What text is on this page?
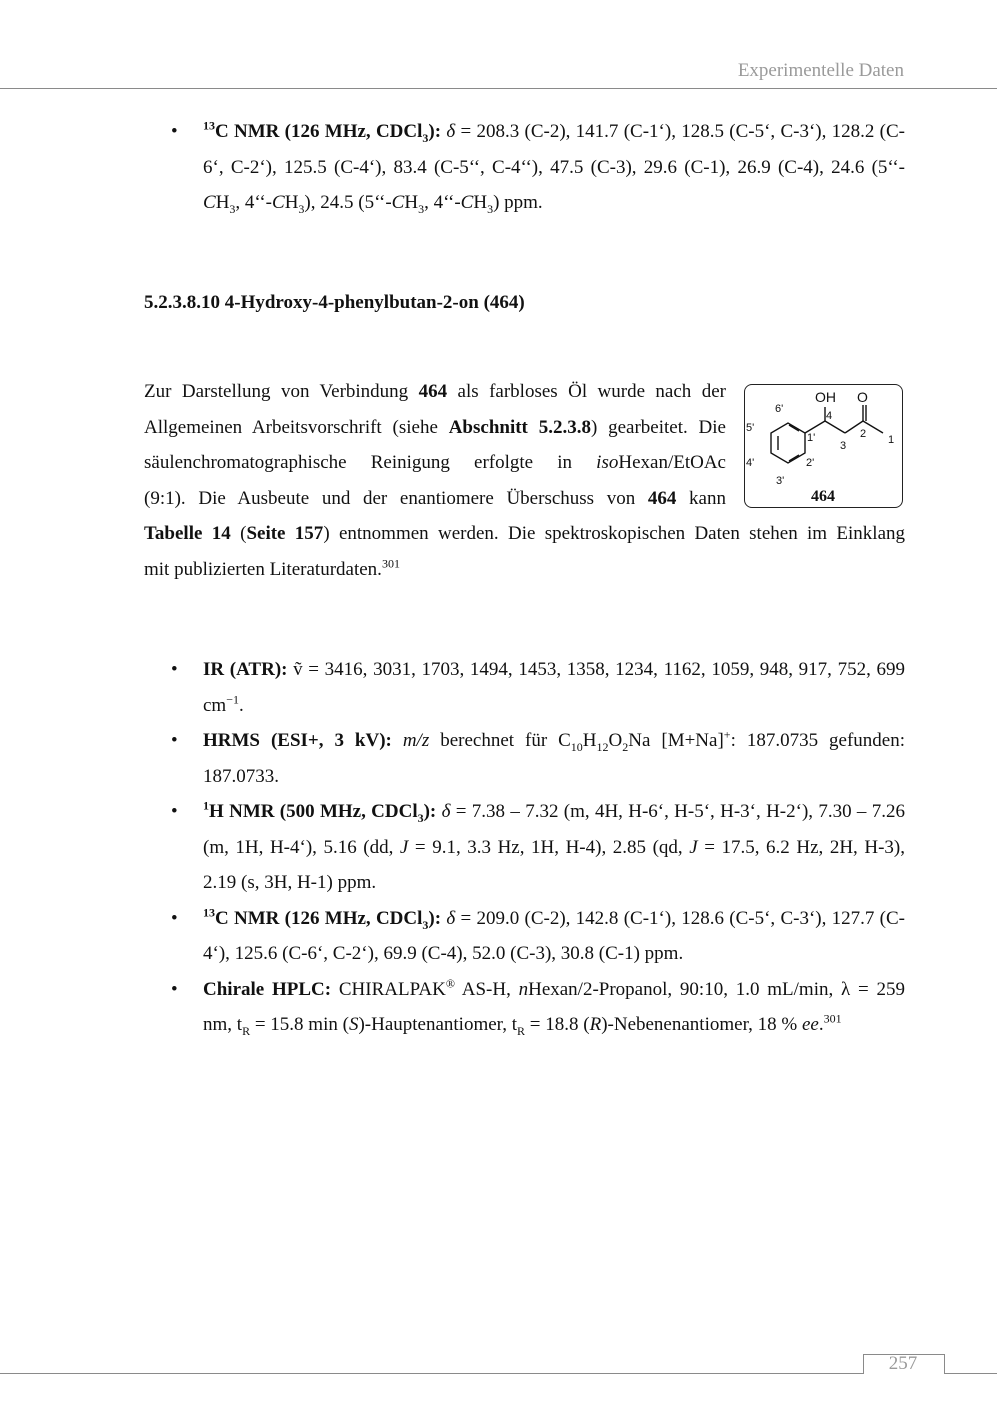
Experimentelle Daten
• $^{13}$C NMR (126 MHz, CDCl$_3$): δ = 208.3 (C-2), 141.7 (C-1‘), 128.5 (C-5‘, C-3‘), 128.2 (C-6‘, C-2‘), 125.5 (C-4‘), 83.4 (C-5‘‘, C-4‘‘), 47.5 (C-3), 29.6 (C-1), 26.9 (C-4), 24.6 ($5‘‘-CH_3$, $4‘‘-CH_3$), 24.5 ($5‘‘-CH_3$, $4‘‘-CH_3$) ppm.
5.2.3.8.10 4-Hydroxy-4-phenylbutan-2-on (464)
Zur Darstellung von Verbindung 464 als farbloses Öl wurde nach der
Allgemeinen Arbeitsvorschrift (siehe Abschnitt 5.2.3.8) gearbeitet. Die
säulenchromatographische Reinigung erfolgte in isoHexan/EtOAc
(9:1). Die Ausbeute und der enantiomere Überschuss von 464 kann
Tabelle 14 (Seite 157) entnommen werden. Die spektroskopischen Daten stehen im Einklang
mit publizierten Literaturdaten.$^{301}$
OH O
4
3
2 1
6'
1'
2'
3'
4'
5'
464
• IR (ATR): ṽ = 3416, 3031, 1703, 1494, 1453, 1358, 1234, 1162, 1059, 948, 917, 752, 699 $cm^{-1}$.
• HRMS (ESI+, 3 kV): m/z berechnet für $C_{10}H_{12}O_2Na$ [M+Na]+: 187.0735 gefunden: 187.0733.
• $^1$H NMR (500 MHz, CDCl$_3$): δ = 7.38 – 7.32 (m, 4H, H-6‘, H-5‘, H-3‘, H-2‘), 7.30 – 7.26 (m, 1H, H-4‘), 5.16 (dd, J = 9.1, 3.3 Hz, 1H, H-4), 2.85 (qd, J = 17.5, 6.2 Hz, 2H, H-3), 2.19 (s, 3H, H-1) ppm.
• $^{13}$C NMR (126 MHz, CDCl$_3$): δ = 209.0 (C-2), 142.8 (C-1‘), 128.6 (C-5‘, C-3‘), 127.7 (C-4‘), 125.6 (C-6‘, C-2‘), 69.9 (C-4), 52.0 (C-3), 30.8 (C-1) ppm.
• Chirale HPLC: CHIRALPAK® AS-H, nHexan/2-Propanol, 90:10, 1.0 mL/min, λ = 259 nm, $t_R = 15.8$ min (S)-Hauptenantiomer, $t_R = 18.8$ (R)-Nebenenantiomer, 18 % ee.$^{301}$
257
